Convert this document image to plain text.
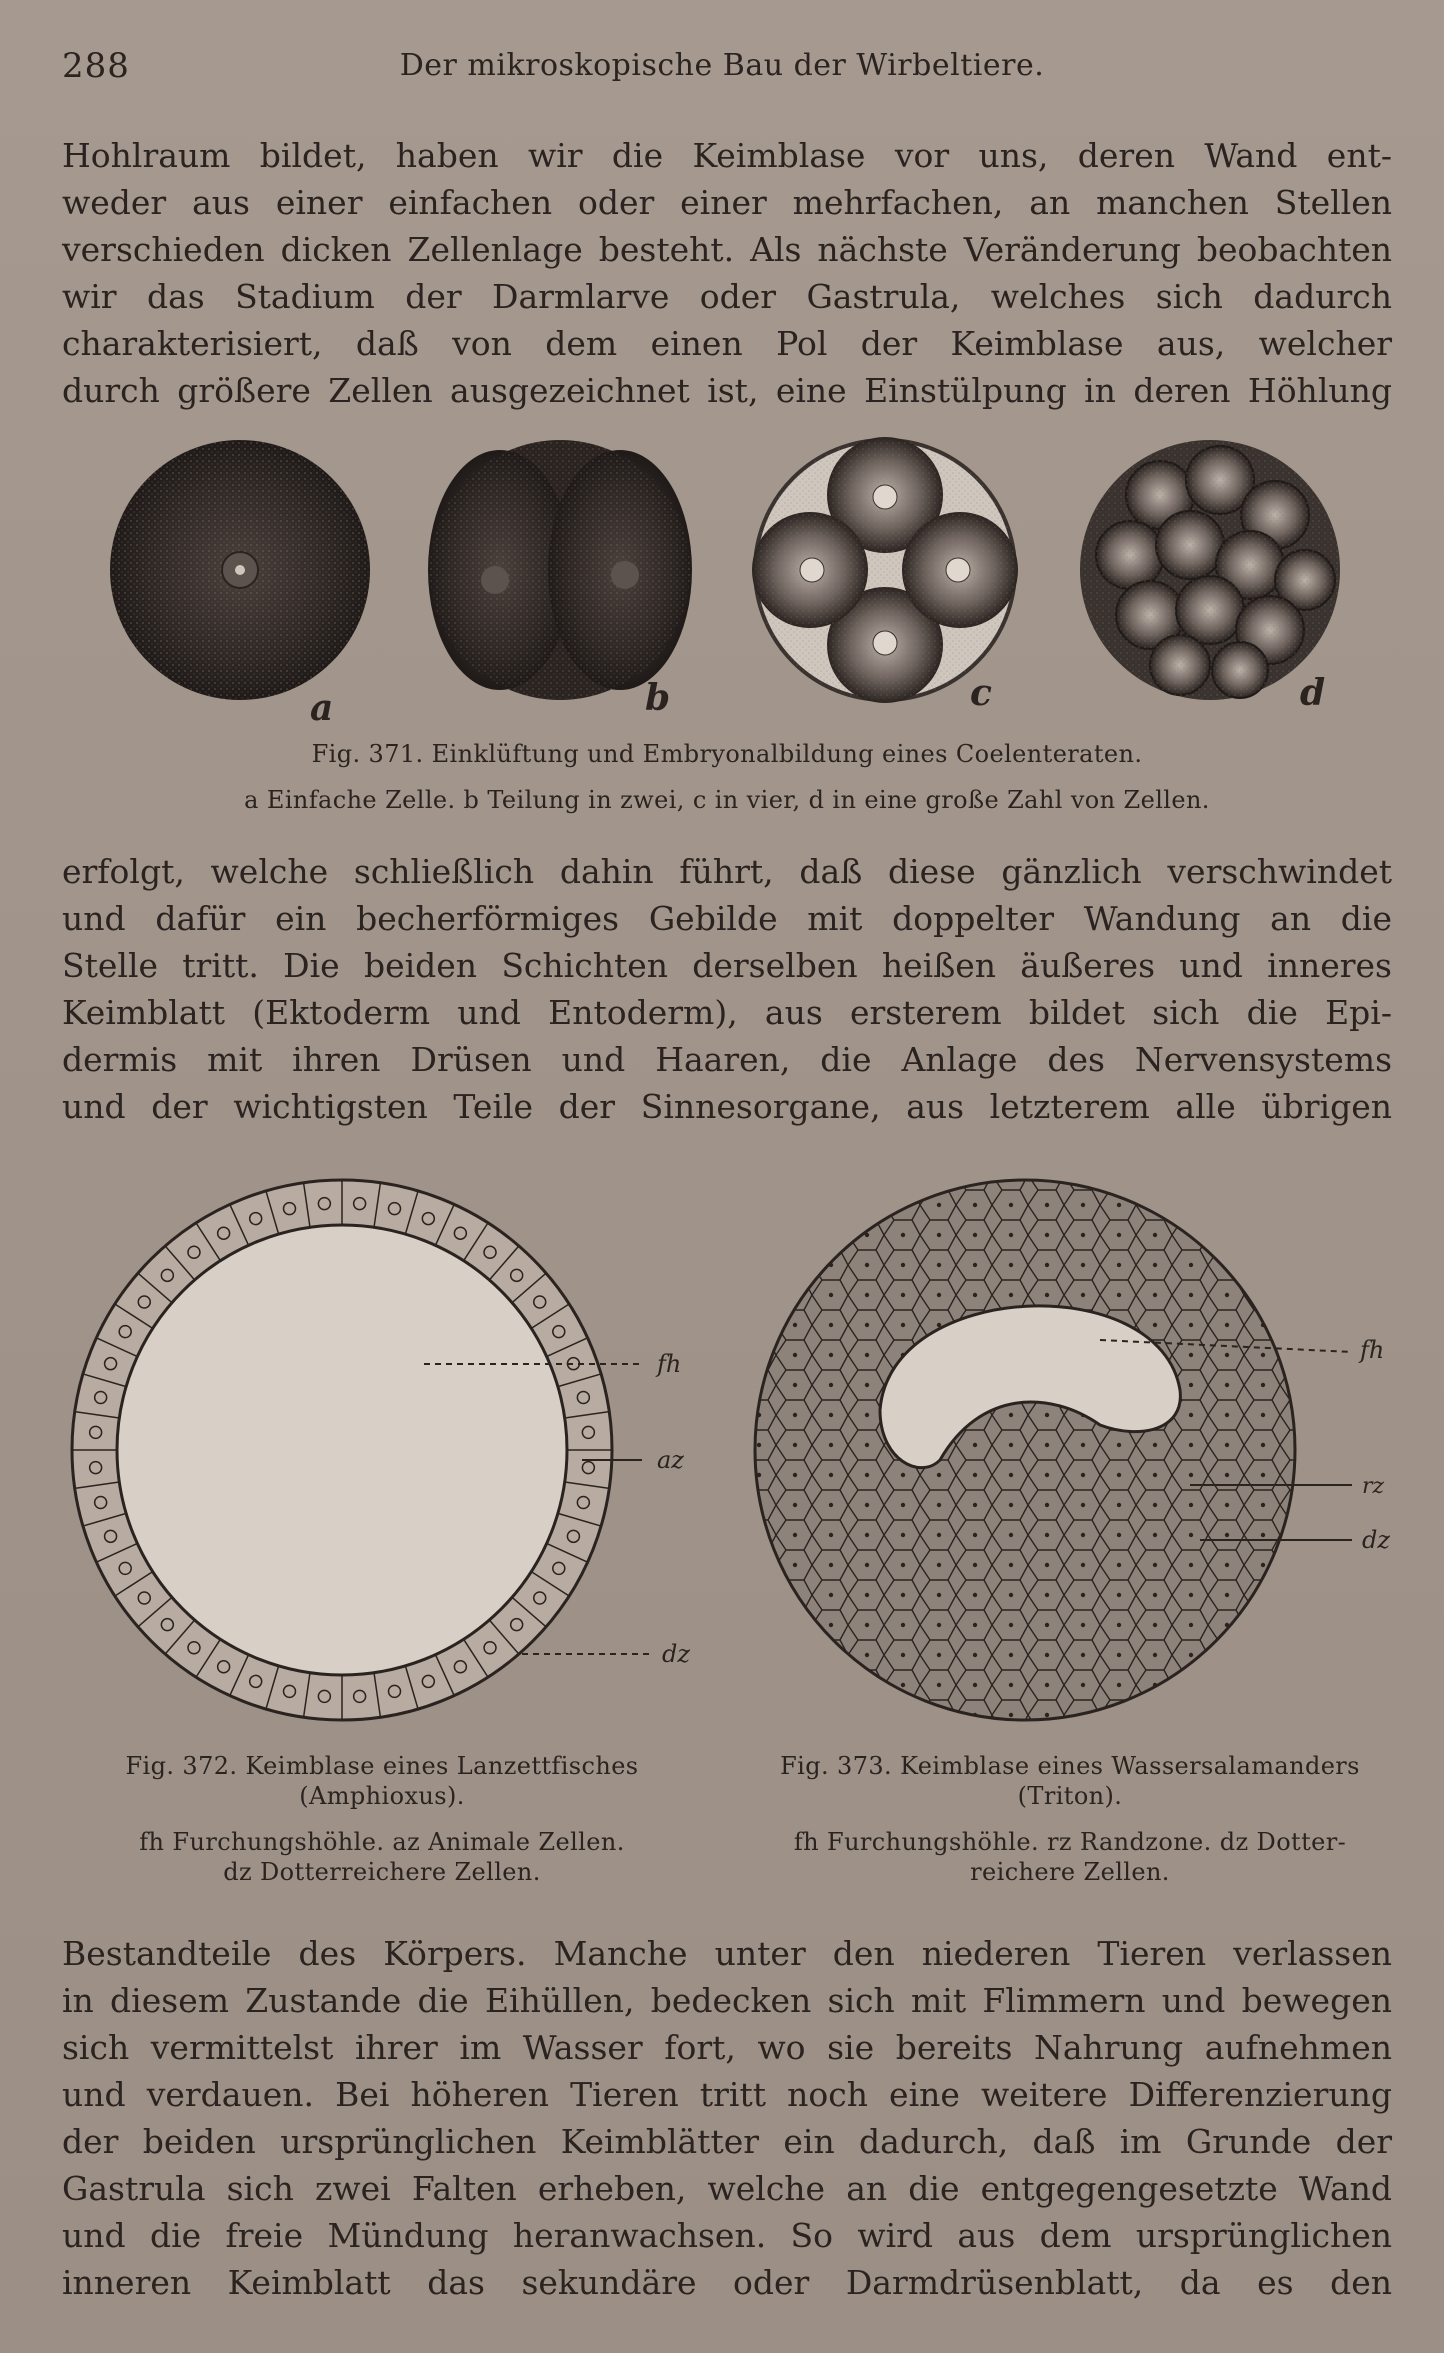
288	Der mikroskopische Bau der Wirbeltiere.

Hohlraum bildet, haben wir die Keimblase vor uns, deren Wand ent-
weder aus einer einfachen oder einer mehrfachen, an manchen Stellen
verschieden dicken Zellenlage besteht. Als nächste Veränderung beobachten
wir das Stadium der Darmlarve oder Gastrula, welches sich dadurch
charakterisiert, daß von dem einen Pol der Keimblase aus, welcher
durch größere Zellen ausgezeichnet ist, eine Einstülpung in deren Höhlung

a	b	c	d
Fig. 371. Einklüftung und Embryonalbildung eines Coelenteraten.
a Einfache Zelle. b Teilung in zwei, c in vier, d in eine große Zahl von Zellen.

erfolgt, welche schließlich dahin führt, daß diese gänzlich verschwindet
und dafür ein becherförmiges Gebilde mit doppelter Wandung an die
Stelle tritt. Die beiden Schichten derselben heißen äußeres und inneres
Keimblatt (Ektoderm und Entoderm), aus ersterem bildet sich die Epi-
dermis mit ihren Drüsen und Haaren, die Anlage des Nervensystems
und der wichtigsten Teile der Sinnesorgane, aus letzterem alle übrigen

fh
az
dz
fh
rz
dz
Fig. 372. Keimblase eines Lanzettfisches
(Amphioxus).
fh Furchungshöhle. az Animale Zellen.
dz Dotterreichere Zellen.
Fig. 373. Keimblase eines Wassersalamanders
(Triton).
fh Furchungshöhle. rz Randzone. dz Dotter-
reichere Zellen.

Bestandteile des Körpers. Manche unter den niederen Tieren verlassen
in diesem Zustande die Eihüllen, bedecken sich mit Flimmern und bewegen
sich vermittelst ihrer im Wasser fort, wo sie bereits Nahrung aufnehmen
und verdauen. Bei höheren Tieren tritt noch eine weitere Differenzierung
der beiden ursprünglichen Keimblätter ein dadurch, daß im Grunde der
Gastrula sich zwei Falten erheben, welche an die entgegengesetzte Wand
und die freie Mündung heranwachsen. So wird aus dem ursprünglichen
inneren Keimblatt das sekundäre oder Darmdrüsenblatt, da es den
